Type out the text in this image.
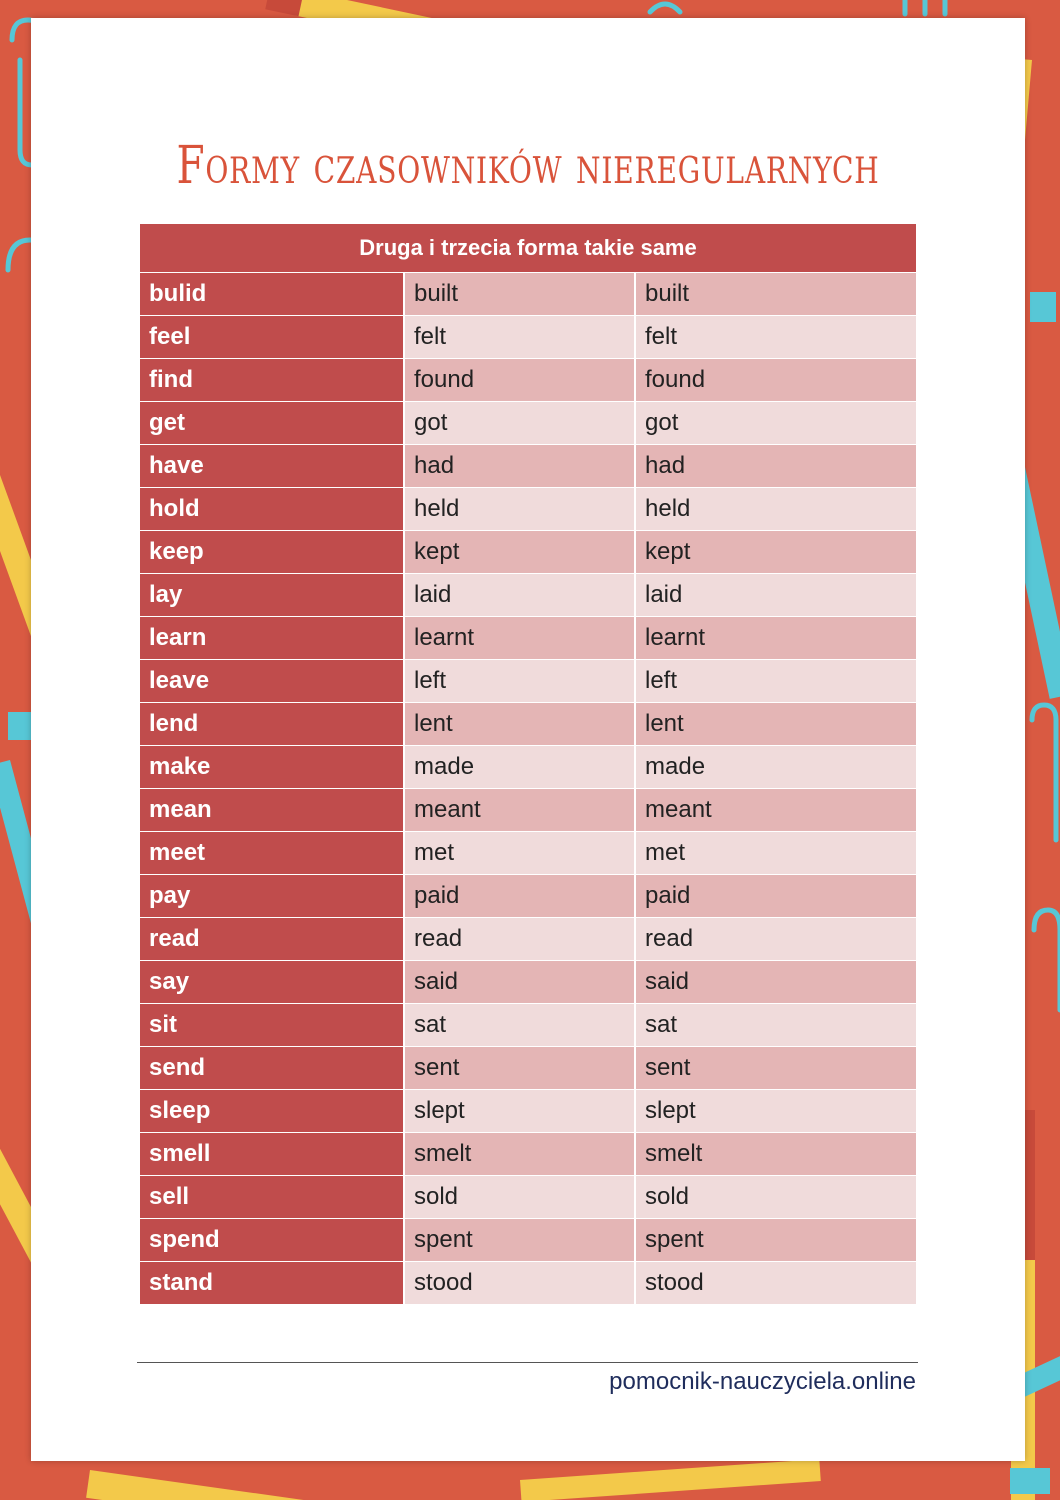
Formy czasowników nieregularnych
Druga i trzecia forma takie same
bulid	built	built
feel	felt	felt
find	found	found
get	got	got
have	had	had
hold	held	held
keep	kept	kept
lay	laid	laid
learn	learnt	learnt
leave	left	left
lend	lent	lent
make	made	made
mean	meant	meant
meet	met	met
pay	paid	paid
read	read	read
say	said	said
sit	sat	sat
send	sent	sent
sleep	slept	slept
smell	smelt	smelt
sell	sold	sold
spend	spent	spent
stand	stood	stood
pomocnik-nauczyciela.online
